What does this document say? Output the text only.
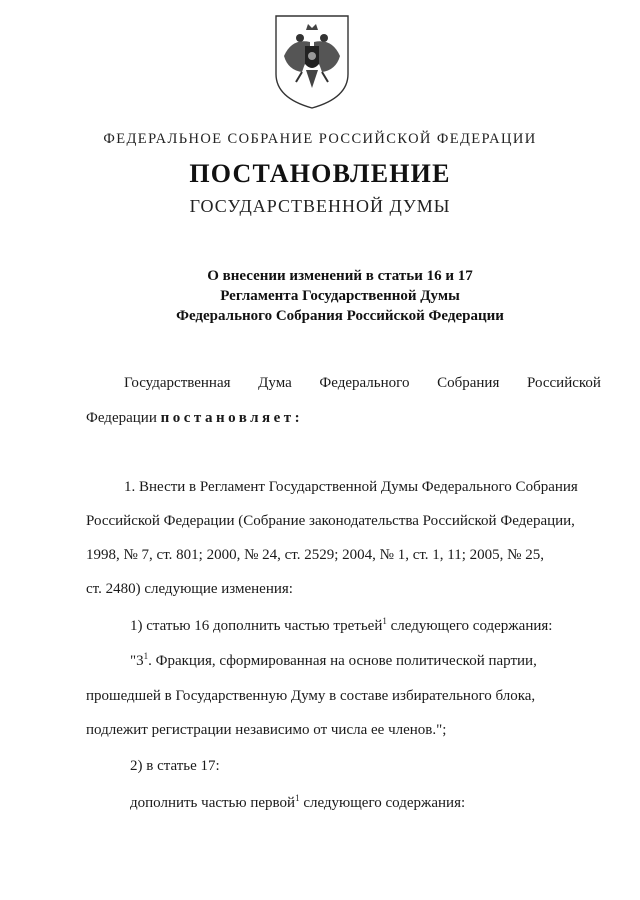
ФЕДЕРАЛЬНОЕ СОБРАНИЕ РОССИЙСКОЙ ФЕДЕРАЦИИ
ПОСТАНОВЛЕНИЕ
ГОСУДАРСТВЕННОЙ ДУМЫ
О внесении изменений в статьи 16 и 17
Регламента Государственной Думы
Федерального Собрания Российской Федерации
Государственная Дума Федерального Собрания Российской
Федерации постановляет:
1. Внести в Регламент Государственной Думы Федерального Собрания
Российской Федерации (Собрание законодательства Российской Федерации,
1998, № 7, ст. 801; 2000, № 24, ст. 2529; 2004, № 1, ст. 1, 11; 2005, № 25,
ст. 2480) следующие изменения:
1) статью 16 дополнить частью третьей$^1$ следующего содержания:
"$3^1$. Фракция, сформированная на основе политической партии,
прошедшей в Государственную Думу в составе избирательного блока,
подлежит регистрации независимо от числа ее членов.";
2) в статье 17:
дополнить частью первой$^1$ следующего содержания:
